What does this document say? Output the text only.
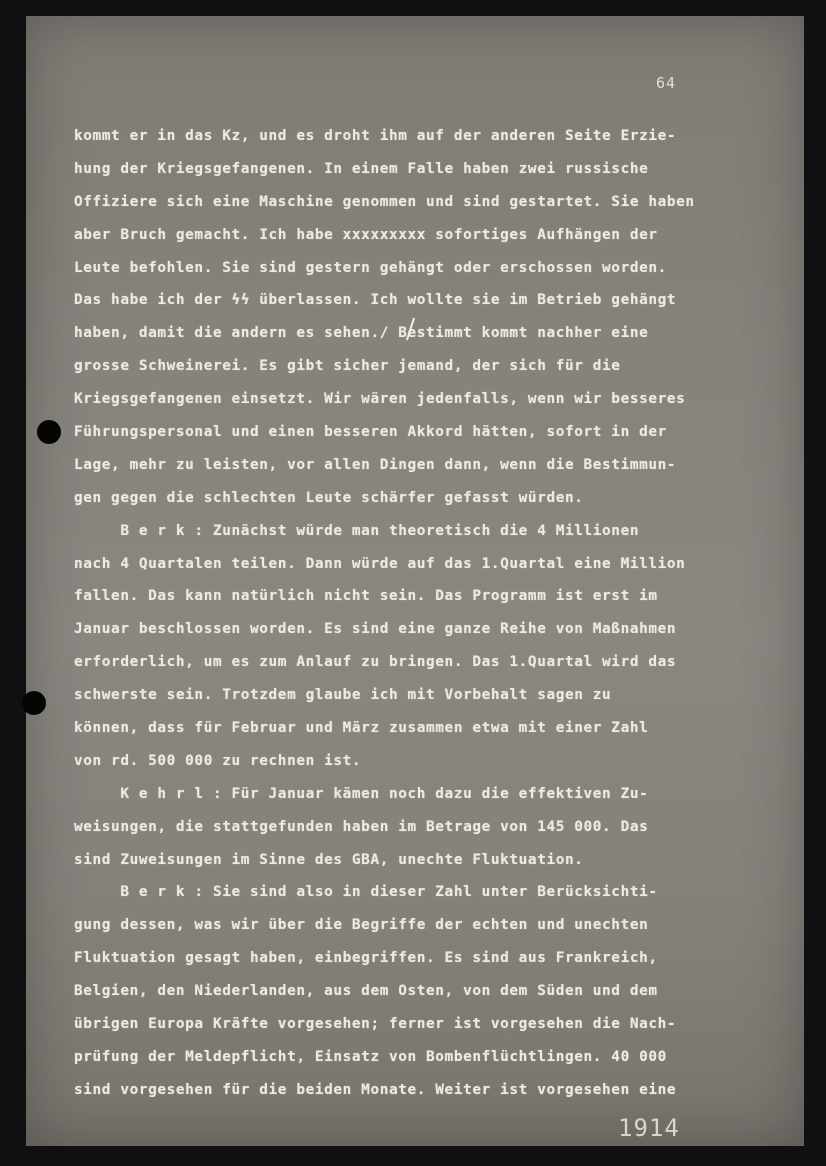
64
kommt er in das Kz, und es droht ihm auf der anderen Seite Erzie-
hung der Kriegsgefangenen. In einem Falle haben zwei russische
Offiziere sich eine Maschine genommen und sind gestartet. Sie haben
aber Bruch gemacht. Ich habe xxxxxxxxx sofortiges Aufhängen der
Leute befohlen. Sie sind gestern gehängt oder erschossen worden.
Das habe ich der ϟϟ überlassen. Ich wollte sie im Betrieb gehängt
haben, damit die andern es sehen./ Bestimmt kommt nachher eine
grosse Schweinerei. Es gibt sicher jemand, der sich für die
Kriegsgefangenen einsetzt. Wir wären jedenfalls, wenn wir besseres
Führungspersonal und einen besseren Akkord hätten, sofort in der
Lage, mehr zu leisten, vor allen Dingen dann, wenn die Bestimmun-
gen gegen die schlechten Leute schärfer gefasst würden.
B e r k : Zunächst würde man theoretisch die 4 Millionen
nach 4 Quartalen teilen. Dann würde auf das 1.Quartal eine Million
fallen. Das kann natürlich nicht sein. Das Programm ist erst im
Januar beschlossen worden. Es sind eine ganze Reihe von Maßnahmen
erforderlich, um es zum Anlauf zu bringen. Das 1.Quartal wird das
schwerste sein. Trotzdem glaube ich mit Vorbehalt sagen zu
können, dass für Februar und März zusammen etwa mit einer Zahl
von rd. 500 000 zu rechnen ist.
K e h r l : Für Januar kämen noch dazu die effektiven Zu-
weisungen, die stattgefunden haben im Betrage von 145 000. Das
sind Zuweisungen im Sinne des GBA, unechte Fluktuation.
B e r k : Sie sind also in dieser Zahl unter Berücksichti-
gung dessen, was wir über die Begriffe der echten und unechten
Fluktuation gesagt haben, einbegriffen. Es sind aus Frankreich,
Belgien, den Niederlanden, aus dem Osten, von dem Süden und dem
übrigen Europa Kräfte vorgesehen; ferner ist vorgesehen die Nach-
prüfung der Meldepflicht, Einsatz von Bombenflüchtlingen. 40 000
sind vorgesehen für die beiden Monate. Weiter ist vorgesehen eine
1914
